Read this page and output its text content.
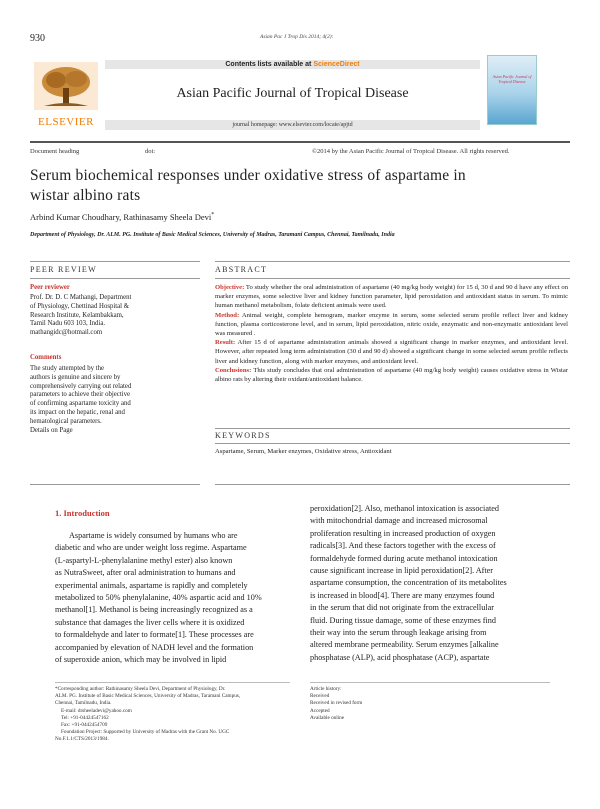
930	Asian Pac J Trop Dis 2014; 4(2):
ELSEVIER
Contents lists available at ScienceDirect
Asian Pacific Journal of Tropical Disease
journal homepage: www.elsevier.com/locate/apjtd
Asian Pacific Journal of Tropical Disease
Document heading	doi:	©2014 by the Asian Pacific Journal of Tropical Disease. All rights reserved.
Serum biochemical responses under oxidative stress of aspartame in
wistar albino rats
Arbind Kumar Choudhary, Rathinasamy Sheela Devi*
Department of Physiology, Dr. ALM. PG. Institute of Basic Medical Sciences, University of Madras, Taramani Campus, Chennai, Tamilnadu, India
PEER REVIEW
Peer reviewer
Prof. Dr. D. C Mathangi, Department
of Physiology, Chettinad Hospital &
Research Institute, Kelambakkam,
Tamil Nadu 603 103, India.
mathangidc@hotmail.com
Comments
The study attempted by the
authors is genuine and sincere by
comprehensively carrying out related
parameters to achieve their objective
of confirming aspartame toxicity and
its impact on the hepatic, renal and
hematological parameters.
Details on Page
ABSTRACT

Objective: To study whether the oral administration of aspartame (40 mg/kg body weight) for 15 d, 30 d and 90 d have any effect on marker enzymes, some selective liver and kidney function parameter, lipid peroxidation and antioxidant status in serum. To mimic human methanol metabolism, folate deficient animals were used.

Method: Animal weight, complete hemogram, marker enzyme in serum, some selected serum profile reflect liver and kidney function, plasma corticosterone level, and in serum, lipid peroxidation, nitric oxide, enzymatic and non-enzymatic antioxidant level was measured .

Result: After 15 d of aspartame administration animals showed a significant change in marker enzymes, and antioxidant level. However, after repeated long term administration (30 d and 90 d) showed a significant change in some selected serum profile reflects liver and kidney function, along with marker enzymes, and antioxidant level.

Conclusions: This study concludes that oral administration of aspartame (40 mg/kg body weight) causes oxidative stress in Wistar albino rats by altering their oxidant/antioxidant balance.

KEYWORDS
Aspartame, Serum, Marker enzymes, Oxidative stress, Antioxidant
1. Introduction
Aspartame is widely consumed by humans who are
diabetic and who are under weight loss regime. Aspartame
(L-aspartyl-L-phenylalanine methyl ester) also known
as NutraSweet, after oral administration to humans and
experimental animals, aspartame is rapidly and completely
metabolized to 50% phenylalanine, 40% aspartic acid and 10%
methanol[1]. Methanol is being increasingly recognized as a
substance that damages the liver cells where it is oxidized
to formaldehyde and later to formate[1]. These processes are
accompanied by elevation of NADH level and the formation
of superoxide anion, which may be involved in lipid
peroxidation[2]. Also, methanol intoxication is associated
with mitochondrial damage and increased microsomal
proliferation resulting in increased production of oxygen
radicals[3]. And these factors together with the excess of
formaldehyde formed during acute methanol intoxication
cause significant increase in lipid peroxidation[2]. After
aspartame consumption, the concentration of its metabolites
is increased in blood[4]. There are many enzymes found
in the serum that did not originate from the extracellular
fluid. During tissue damage, some of these enzymes find
their way into the serum through leakage arising from
altered membrane permeability. Serum enzymes [alkaline
phosphatase (ALP), acid phosphatase (ACP), aspartate
*Corresponding author: Rathinasamy Sheela Devi, Department of Physiology, Dr.
ALM. PG. Institute of Basic Medical Sciences, University of Madras, Taramani Campus,
Chennai, Tamilnadu, India.
E-mail: drsheeladevi@yahoo.com
Tel: +91-04424547162
Fax: +91-0442454709
Foundation Project: Supported by University of Madras with the Grant No. UGC
No.F.1.1/CTS/2013/1984.
Article history:
Received
Received in revised form
Accepted
Available online
